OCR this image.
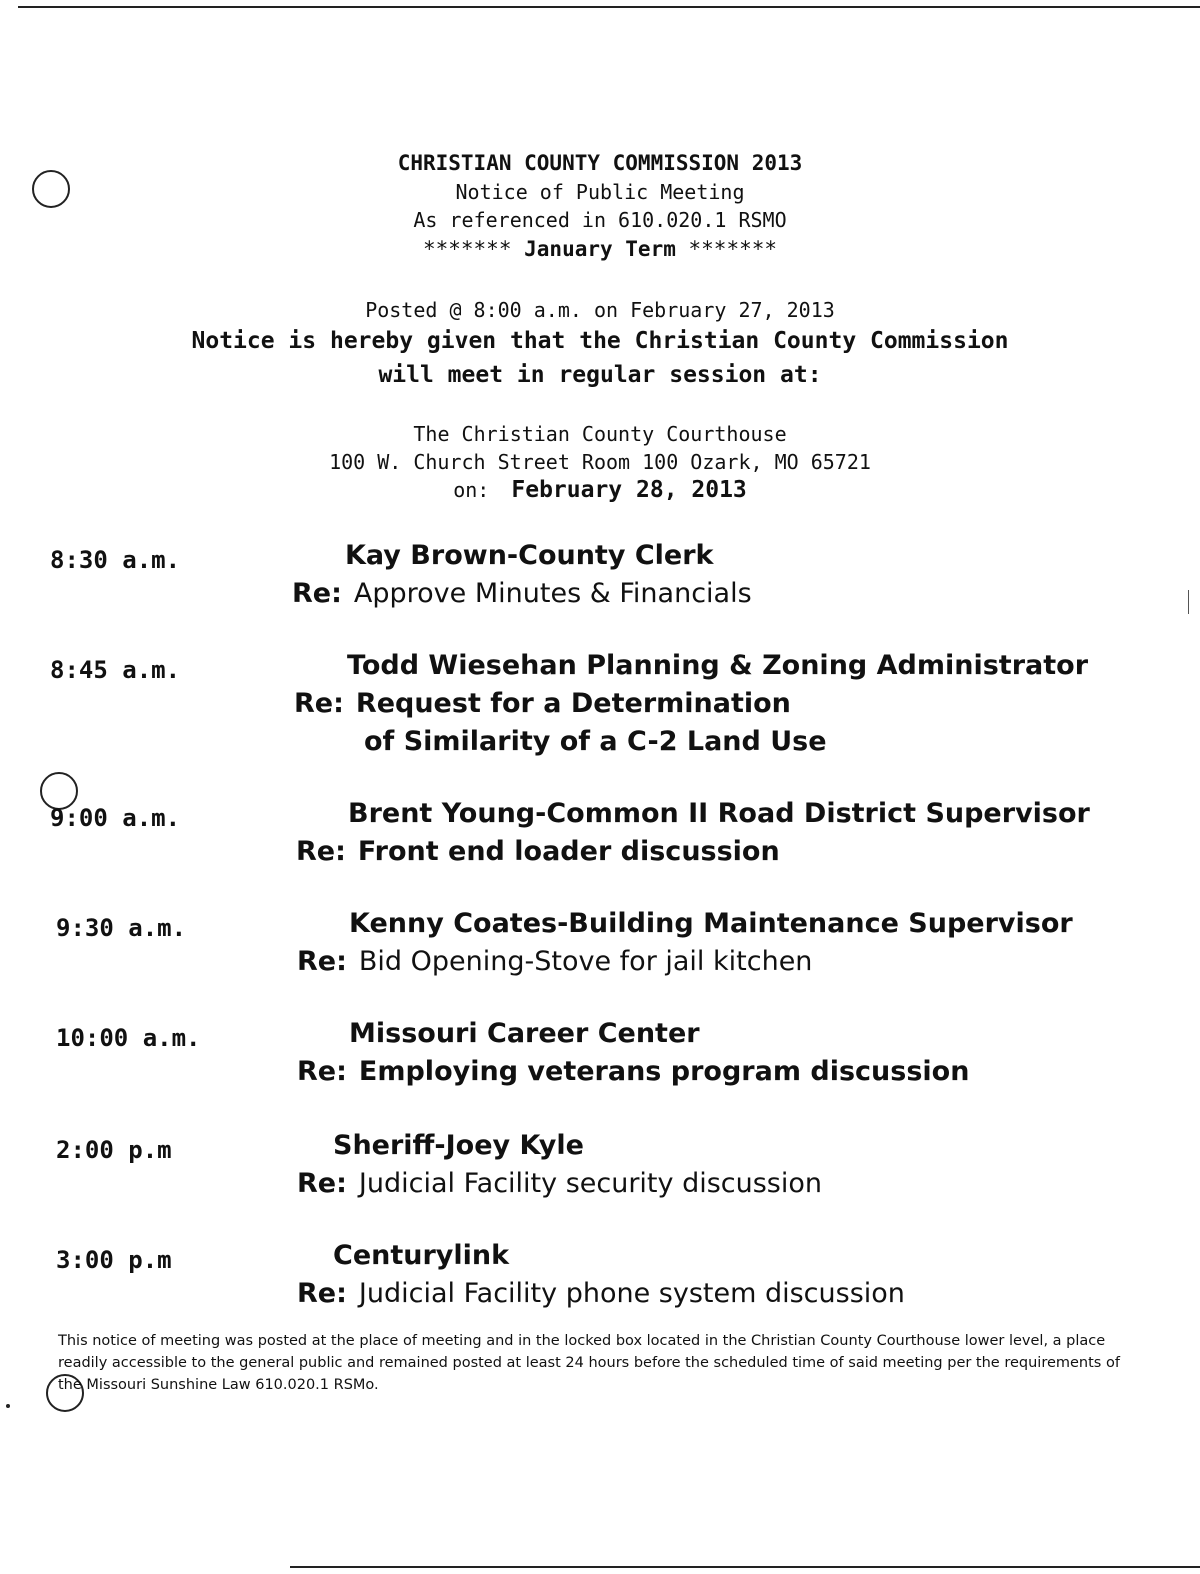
CHRISTIAN COUNTY COMMISSION 2013

Notice of Public Meeting

As referenced in 610.020.1 RSMO

******* January Term *******

Posted @ 8:00 a.m. on February 27, 2013
Notice is hereby given that the Christian County Commission
will meet in regular session at:
The Christian County Courthouse
100 W. Church Street Room 100 Ozark, MO 65721
on: February 28, 2013
8:30 a.m.	Kay Brown-County Clerk
Re: Approve Minutes & Financials
8:45 a.m.	Todd Wiesehan Planning & Zoning Administrator
Re: Request for a Determination
of Similarity of a C-2 Land Use
9:00 a.m.	Brent Young-Common II Road District Supervisor
Re: Front end loader discussion
9:30 a.m.	Kenny Coates-Building Maintenance Supervisor
Re: Bid Opening-Stove for jail kitchen
10:00 a.m.	Missouri Career Center
Re: Employing veterans program discussion
2:00 p.m	Sheriff-Joey Kyle
Re: Judicial Facility security discussion
3:00 p.m	Centurylink
Re: Judicial Facility phone system discussion
This notice of meeting was posted at the place of meeting and in the locked box located in the Christian County Courthouse lower level, a place readily accessible to the general public and remained posted at least 24 hours before the scheduled time of said meeting per the requirements of the Missouri Sunshine Law 610.020.1 RSMo.
